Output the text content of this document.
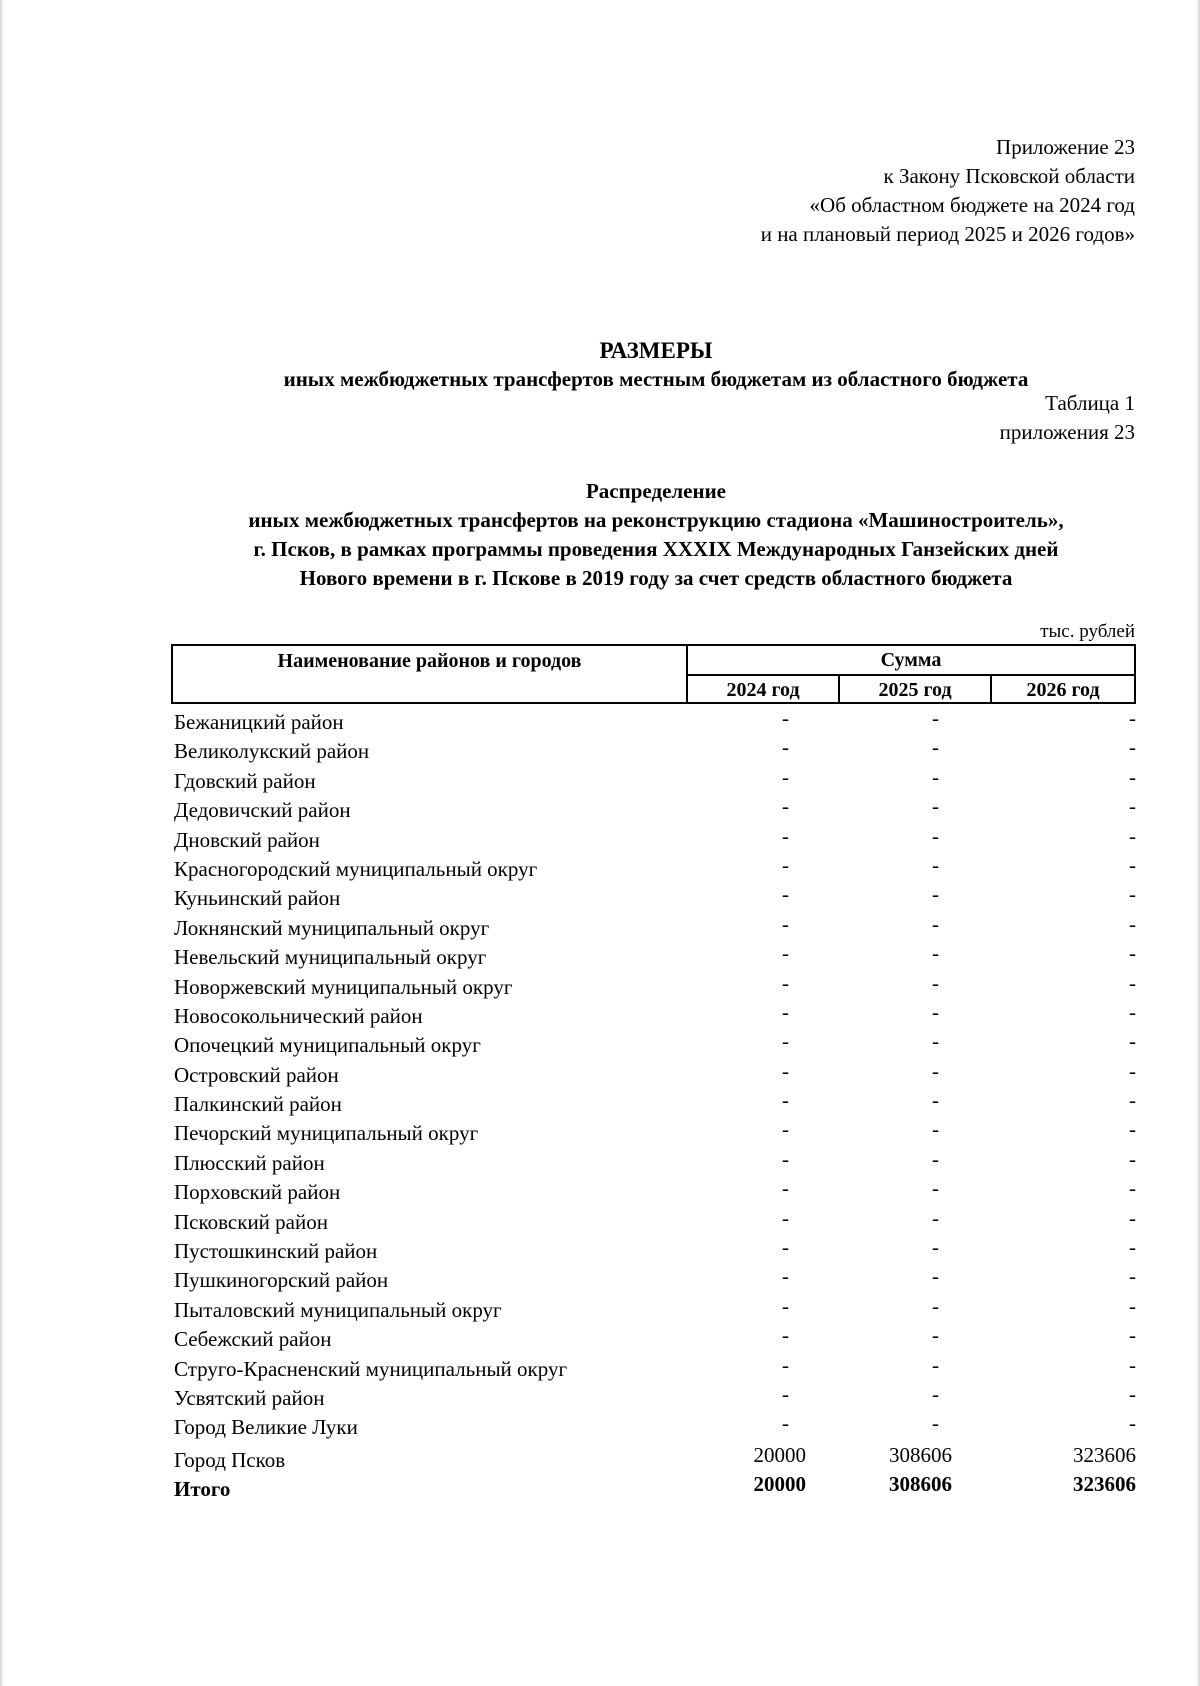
Приложение 23
к Закону Псковской области
«Об областном бюджете на 2024 год
и на плановый период 2025 и 2026 годов»
РАЗМЕРЫ
иных межбюджетных трансфертов местным бюджетам из областного бюджета
Таблица 1
приложения 23
Распределение
иных межбюджетных трансфертов на реконструкцию стадиона «Машиностроитель»,
г. Псков, в рамках программы проведения XXXIX Международных Ганзейских дней
Нового времени в г. Пскове в 2019 году за счет средств областного бюджета
тыс. рублей
Наименование районов и городов	Сумма
2024 год	2025 год	2026 год
Бежаницкий район	-	-	-
Великолукский район	-	-	-
Гдовский район	-	-	-
Дедовичский район	-	-	-
Дновский район	-	-	-
Красногородский муниципальный округ	-	-	-
Куньинский район	-	-	-
Локнянский муниципальный округ	-	-	-
Невельский муниципальный округ	-	-	-
Новоржевский муниципальный округ	-	-	-
Новосокольнический район	-	-	-
Опочецкий муниципальный округ	-	-	-
Островский район	-	-	-
Палкинский район	-	-	-
Печорский муниципальный округ	-	-	-
Плюсский район	-	-	-
Порховский район	-	-	-
Псковский район	-	-	-
Пустошкинский район	-	-	-
Пушкиногорский район	-	-	-
Пыталовский муниципальный округ	-	-	-
Себежский район	-	-	-
Струго-Красненский муниципальный округ	-	-	-
Усвятский район	-	-	-
Город Великие Луки	-	-	-
Город Псков	20000	308606	323606
Итого	20000	308606	323606
